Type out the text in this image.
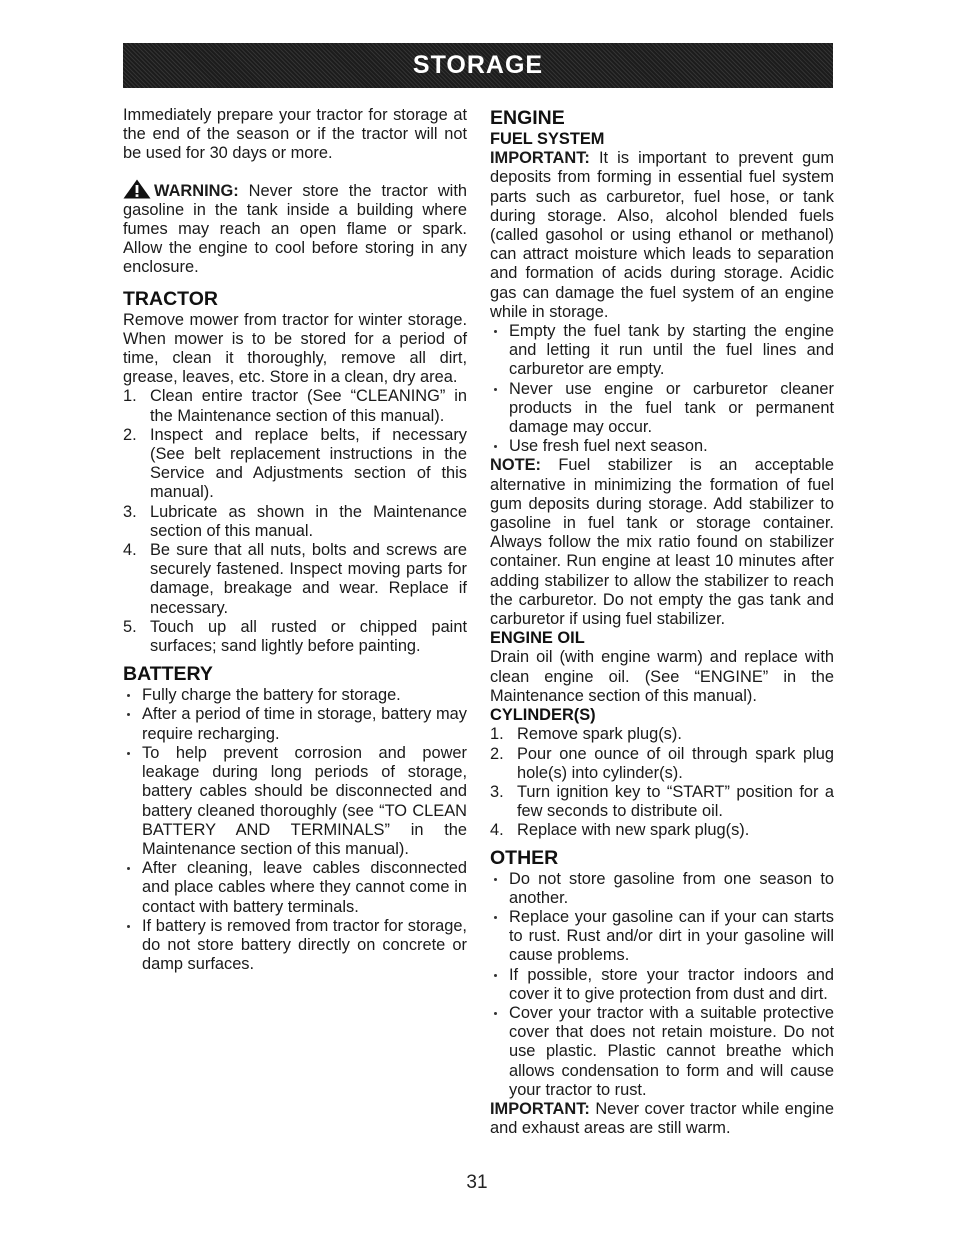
STORAGE

Immediately prepare your tractor for storage at the end of the season or if the tractor will not be used for 30 days or more.

WARNING: Never store the tractor with gasoline in the tank inside a building where fumes may reach an open flame or spark. Allow the engine to cool before storing in any enclosure.

TRACTOR

Remove mower from tractor for winter storage. When mower is to be stored for a period of time, clean it thoroughly, remove all dirt, grease, leaves, etc. Store in a clean, dry area.

1. Clean entire tractor (See “CLEANING” in the Maintenance section of this manual).
2. Inspect and replace belts, if necessary (See belt replacement instructions in the Service and Adjustments section of this manual).
3. Lubricate as shown in the Maintenance section of this manual.
4. Be sure that all nuts, bolts and screws are securely fastened. Inspect moving parts for damage, breakage and wear. Replace if necessary.
5. Touch up all rusted or chipped paint surfaces; sand lightly before painting.
BATTERY
Fully charge the battery for storage.
After a period of time in storage, battery may require recharging.
To help prevent corrosion and power leakage during long periods of storage, battery cables should be disconnected and battery cleaned thoroughly (see “TO CLEAN BATTERY AND TERMINALS” in the Maintenance section of this manual).
After cleaning, leave cables disconnected and place cables where they cannot come in contact with battery terminals.
If battery is removed from tractor for storage, do not store battery directly on concrete or damp surfaces.
ENGINE
FUEL SYSTEM

IMPORTANT: It is important to prevent gum deposits from forming in essential fuel system parts such as carburetor, fuel hose, or tank during storage. Also, alcohol blended fuels (called gasohol or using ethanol or methanol) can attract moisture which leads to separation and formation of acids during storage. Acidic gas can damage the fuel system of an engine while in storage.

Empty the fuel tank by starting the engine and letting it run until the fuel lines and carburetor are empty.
Never use engine or carburetor cleaner products in the fuel tank or permanent damage may occur.
Use fresh fuel next season.

NOTE: Fuel stabilizer is an acceptable alternative in minimizing the formation of fuel gum deposits during storage. Add stabilizer to gasoline in fuel tank or storage container. Always follow the mix ratio found on stabilizer container. Run engine at least 10 minutes after adding stabilizer to allow the stabilizer to reach the carburetor. Do not empty the gas tank and carburetor if using fuel stabilizer.

ENGINE OIL

Drain oil (with engine warm) and replace with clean engine oil. (See “ENGINE” in the Maintenance section of this manual).

CYLINDER(S)
1. Remove spark plug(s).
2. Pour one ounce of oil through spark plug hole(s) into cylinder(s).
3. Turn ignition key to “START” position for a few seconds to distribute oil.
4. Replace with new spark plug(s).
OTHER
Do not store gasoline from one season to another.
Replace your gasoline can if your can starts to rust. Rust and/or dirt in your gasoline will cause problems.
If possible, store your tractor indoors and cover it to give protection from dust and dirt.
Cover your tractor with a suitable protective cover that does not retain moisture. Do not use plastic. Plastic cannot breathe which allows condensation to form and will cause your tractor to rust.

IMPORTANT: Never cover tractor while engine and exhaust areas are still warm.

31
